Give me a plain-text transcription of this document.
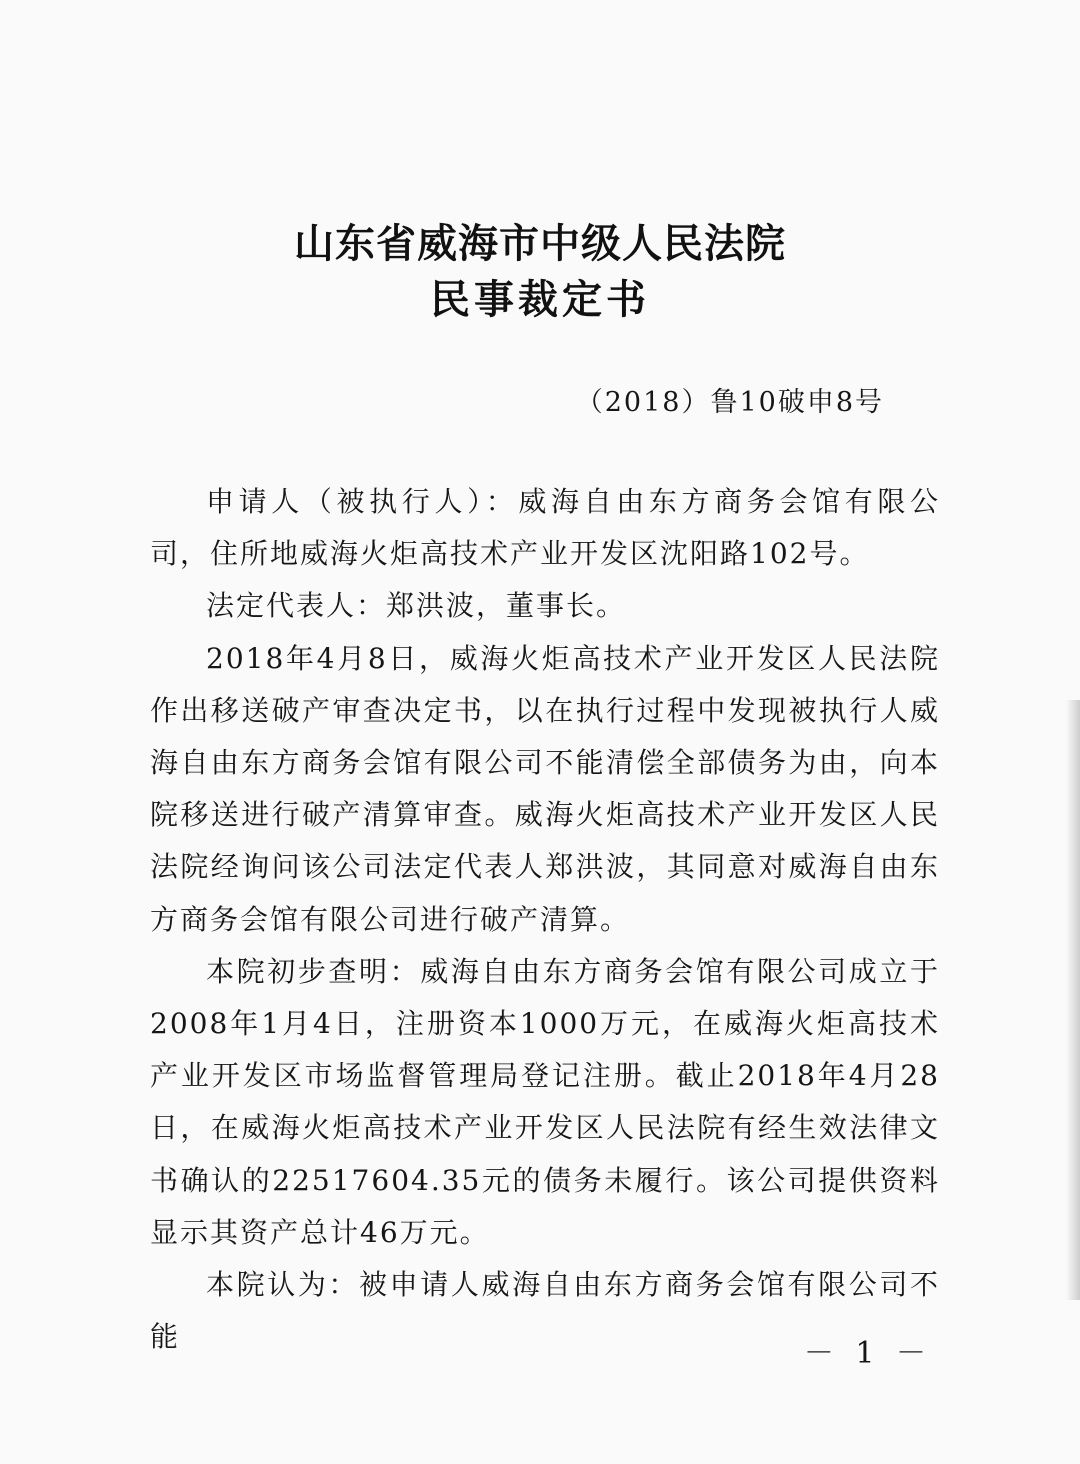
山东省威海市中级人民法院
民事裁定书

（2018）鲁10破申8号

申请人（被执行人）：威海自由东方商务会馆有限公司，住所地威海火炬高技术产业开发区沈阳路102号。

法定代表人：郑洪波，董事长。

2018年4月8日，威海火炬高技术产业开发区人民法院作出移送破产审查决定书，以在执行过程中发现被执行人威海自由东方商务会馆有限公司不能清偿全部债务为由，向本院移送进行破产清算审查。威海火炬高技术产业开发区人民法院经询问该公司法定代表人郑洪波，其同意对威海自由东方商务会馆有限公司进行破产清算。

本院初步查明：威海自由东方商务会馆有限公司成立于2008年1月4日，注册资本1000万元，在威海火炬高技术产业开发区市场监督管理局登记注册。截止2018年4月28日，在威海火炬高技术产业开发区人民法院有经生效法律文书确认的22517604.35元的债务未履行。该公司提供资料显示其资产总计46万元。

本院认为：被申请人威海自由东方商务会馆有限公司不能	－ 1 －
